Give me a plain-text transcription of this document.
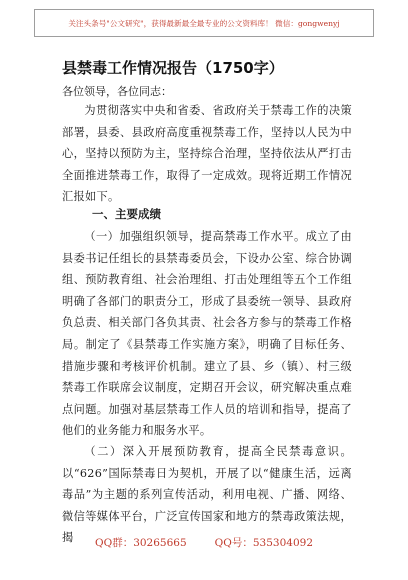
关注头条号"公文研究"，获得最新最全最专业的公文资料库！ 微信：gongwenyj
县禁毒工作情况报告（1750字）
各位领导，各位同志：
为贯彻落实中央和省委、省政府关于禁毒工作的决策部署，县委、县政府高度重视禁毒工作，坚持以人民为中心，坚持以预防为主，坚持综合治理，坚持依法从严打击全面推进禁毒工作，取得了一定成效。现将近期工作情况汇报如下。
一、主要成绩
（一）加强组织领导，提高禁毒工作水平。成立了由县委书记任组长的县禁毒委员会，下设办公室、综合协调组、预防教育组、社会治理组、打击处理组等五个工作组明确了各部门的职责分工，形成了县委统一领导、县政府负总责、相关部门各负其责、社会各方参与的禁毒工作格局。制定了《县禁毒工作实施方案》，明确了目标任务、措施步骤和考核评价机制。建立了县、乡（镇）、村三级禁毒工作联席会议制度，定期召开会议，研究解决重点难点问题。加强对基层禁毒工作人员的培训和指导，提高了他们的业务能力和服务水平。
（二）深入开展预防教育，提高全民禁毒意识。以“626”国际禁毒日为契机，开展了以“健康生活，远离毒品”为主题的系列宣传活动，利用电视、广播、网络、微信等媒体平台，广泛宣传国家和地方的禁毒政策法规，揭	QQ群：30265665	QQ号：535304092
